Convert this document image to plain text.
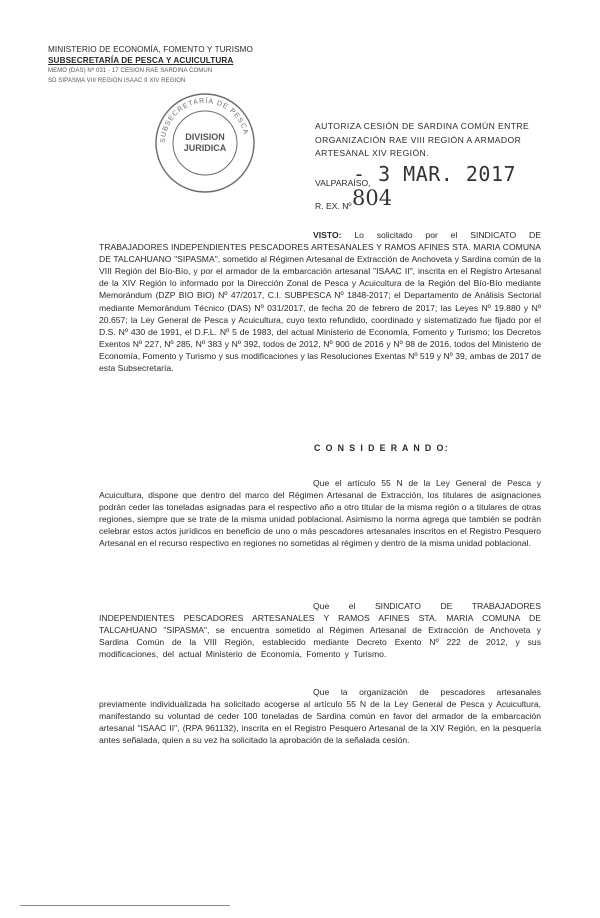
MINISTERIO DE ECONOMÍA, FOMENTO Y TURISMO
SUBSECRETARÍA DE PESCA Y ACUICULTURA
MEMO (DAS) Nº 031 - 17 CESION RAE SARDINA COMUN
SD SIPASMA VIII REGION ISAAC II XIV REGION
SUBSECRETARÍA DE PESCA
DIVISION
JURIDICA
AUTORIZA CESIÓN DE SARDINA COMÚN ENTRE ORGANIZACIÓN RAE VIII REGIÓN A ARMADOR ARTESANAL XIV REGIÓN.
VALPARAÍSO,
- 3 MAR. 2017
R. EX. Nº 804
VISTO: Lo solicitado por el SINDICATO DE TRABAJADORES INDEPENDIENTES PESCADORES ARTESANALES Y RAMOS AFINES STA. MARIA COMUNA DE TALCAHUANO "SIPASMA", sometido al Régimen Artesanal de Extracción de Anchoveta y Sardina común de la VIII Región del Bío-Bío, y por el armador de la embarcación artesanal "ISAAC II", inscrita en el Registro Artesanal de la XIV Región lo informado por la Dirección Zonal de Pesca y Acuicultura de la Región del Bío-Bío mediante Memorándum (DZP BIO BIO) Nº 47/2017, C.I. SUBPESCA Nº 1848-2017; el Departamento de Análisis Sectorial mediante Memorándum Técnico (DAS) Nº 031/2017, de fecha 20 de febrero de 2017; las Leyes Nº 19.880 y Nº 20.657; la Ley General de Pesca y Acuicultura, cuyo texto refundido, coordinado y sistematizado fue fijado por el D.S. Nº 430 de 1991, el D.F.L. Nº 5 de 1983, del actual Ministerio de Economía, Fomento y Turismo; los Decretos Exentos Nº 227, Nº 285, Nº 383 y Nº 392, todos de 2012, Nº 900 de 2016 y Nº 98 de 2016, todos del Ministerio de Economía, Fomento y Turismo y sus modificaciones y las Resoluciones Exentas Nº 519 y Nº 39, ambas de 2017 de esta Subsecretaría.
C O N S I D E R A N D O:
Que el artículo 55 N de la Ley General de Pesca y Acuicultura, dispone que dentro del marco del Régimen Artesanal de Extracción, los titulares de asignaciones podrán ceder las toneladas asignadas para el respectivo año a otro titular de la misma región o a titulares de otras regiones, siempre que se trate de la misma unidad poblacional. Asimismo la norma agrega que también se podrán celebrar estos actos jurídicos en beneficio de uno o más pescadores artesanales inscritos en el Registro Pesquero Artesanal en el recurso respectivo en regiones no sometidas al régimen y dentro de la misma unidad poblacional.
Que el SINDICATO DE TRABAJADORES INDEPENDIENTES PESCADORES ARTESANALES Y RAMOS AFINES STA. MARIA COMUNA DE TALCAHUANO "SIPASMA", se encuentra sometido al Régimen Artesanal de Extracción de Anchoveta y Sardina Común de la VIII Región, establecido mediante Decreto Exento Nº 222 de 2012, y sus modificaciones, del actual Ministerio de Economía, Fomento y Turismo.
Que la organización de pescadores artesanales previamente individualizada ha solicitado acogerse al artículo 55 N de la Ley General de Pesca y Acuicultura, manifestando su voluntad de ceder 100 toneladas de Sardina común en favor del armador de la embarcación artesanal "ISAAC II", (RPA 961132), inscrita en el Registro Pesquero Artesanal de la XIV Región, en la pesquería antes señalada, quien a su vez ha solicitado la aprobación de la señalada cesión.
